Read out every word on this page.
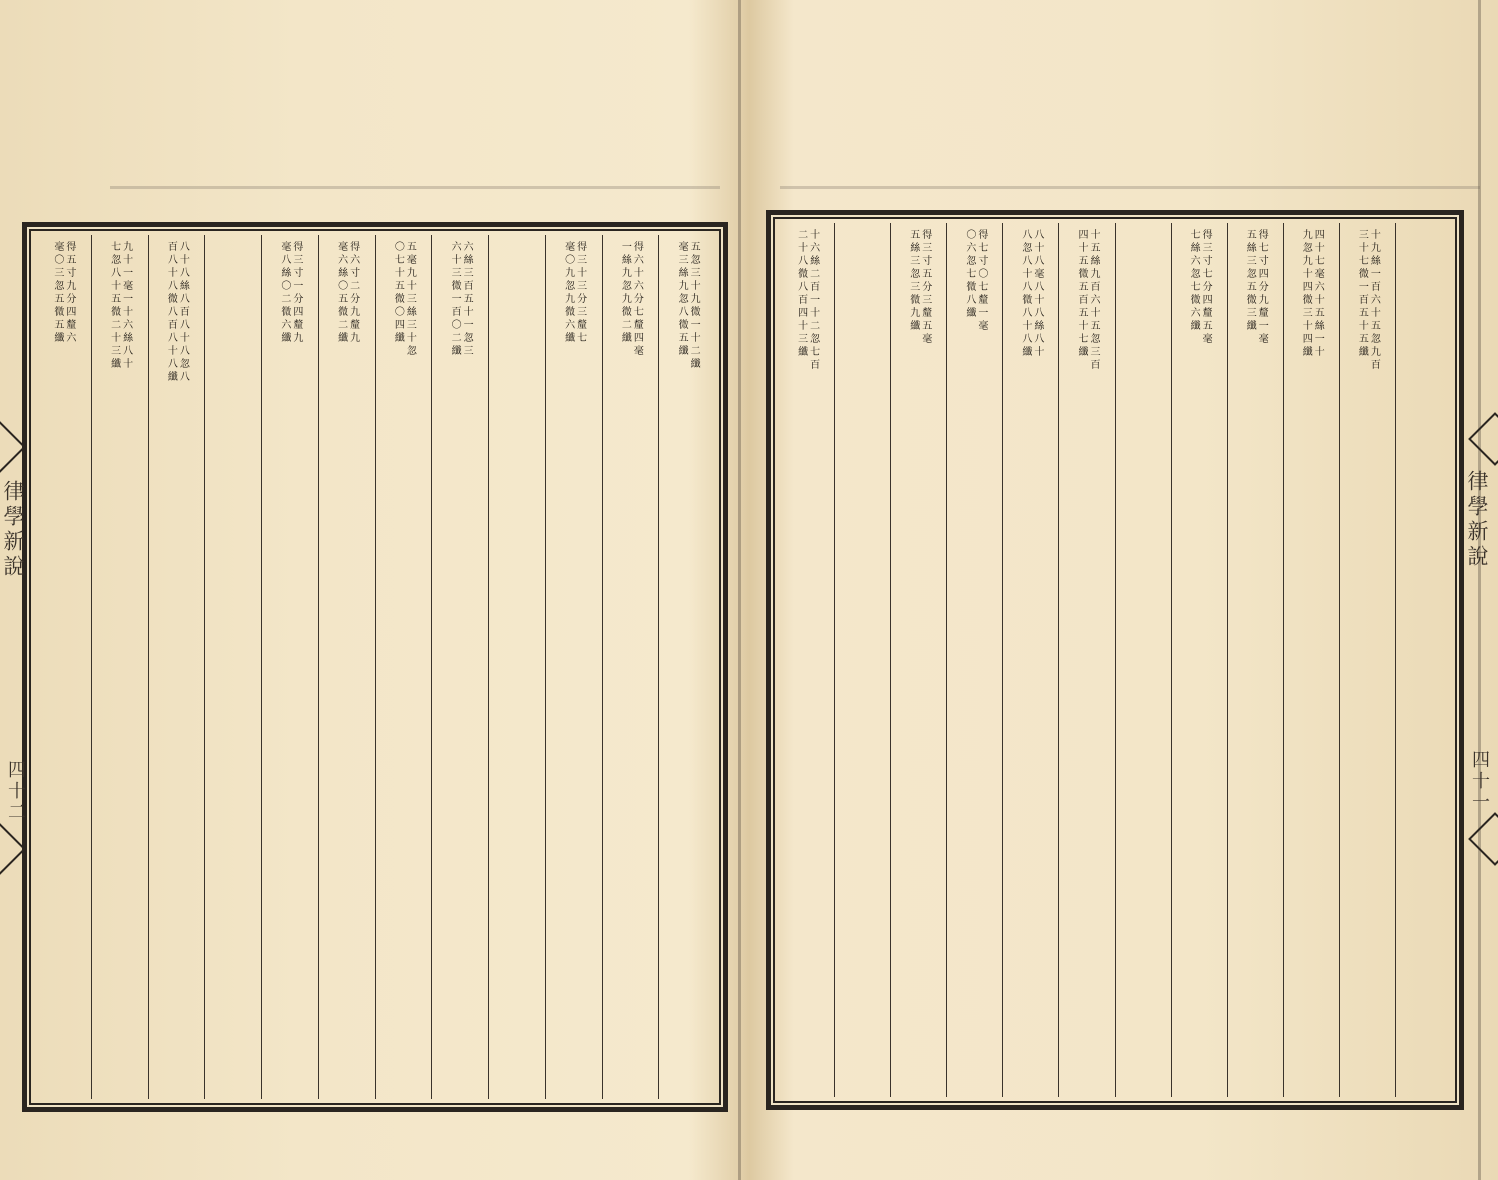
五忽三十九微一十二纖
毫三絲九忽八微五纖
得六十六分七釐四毫
一絲九忽九微二纖
得三十三分三釐七
毫〇九忽九微六纖
六絲三百五十一忽三
六十三微一百〇二纖
五毫九十三絲三十忽
〇七十五微〇四纖
得六寸二分九釐九
毫六絲〇五微二纖
得三寸一分四釐九
毫八絲〇二微六纖
八十八絲八百八十八忽八
百八十八微八百八十八纖
九十一毫一十六絲八十
七忽八十五微二十三纖
得五寸九分四釐六
毫〇三忽五微五纖
律學新說
四十二
十九絲一百六十五忽九百
三十七微一百五十五纖
四十七毫六十五絲一十
九忽九十四微三十四纖
得七寸四分九釐一毫
五絲三忽五微三纖
得三寸七分四釐五毫
七絲六忽七微六纖
十五絲九百六十五忽三百
四十五微五百五十七纖
八十八毫八十八絲八十
八忽八十八微八十八纖
得七寸〇七釐一毫
〇六忽七微八纖
得三寸五分三釐五毫
五絲三忽三微九纖
十六絲二百一十二忽七百
二十八微八百四十三纖
律學新說
四十一
